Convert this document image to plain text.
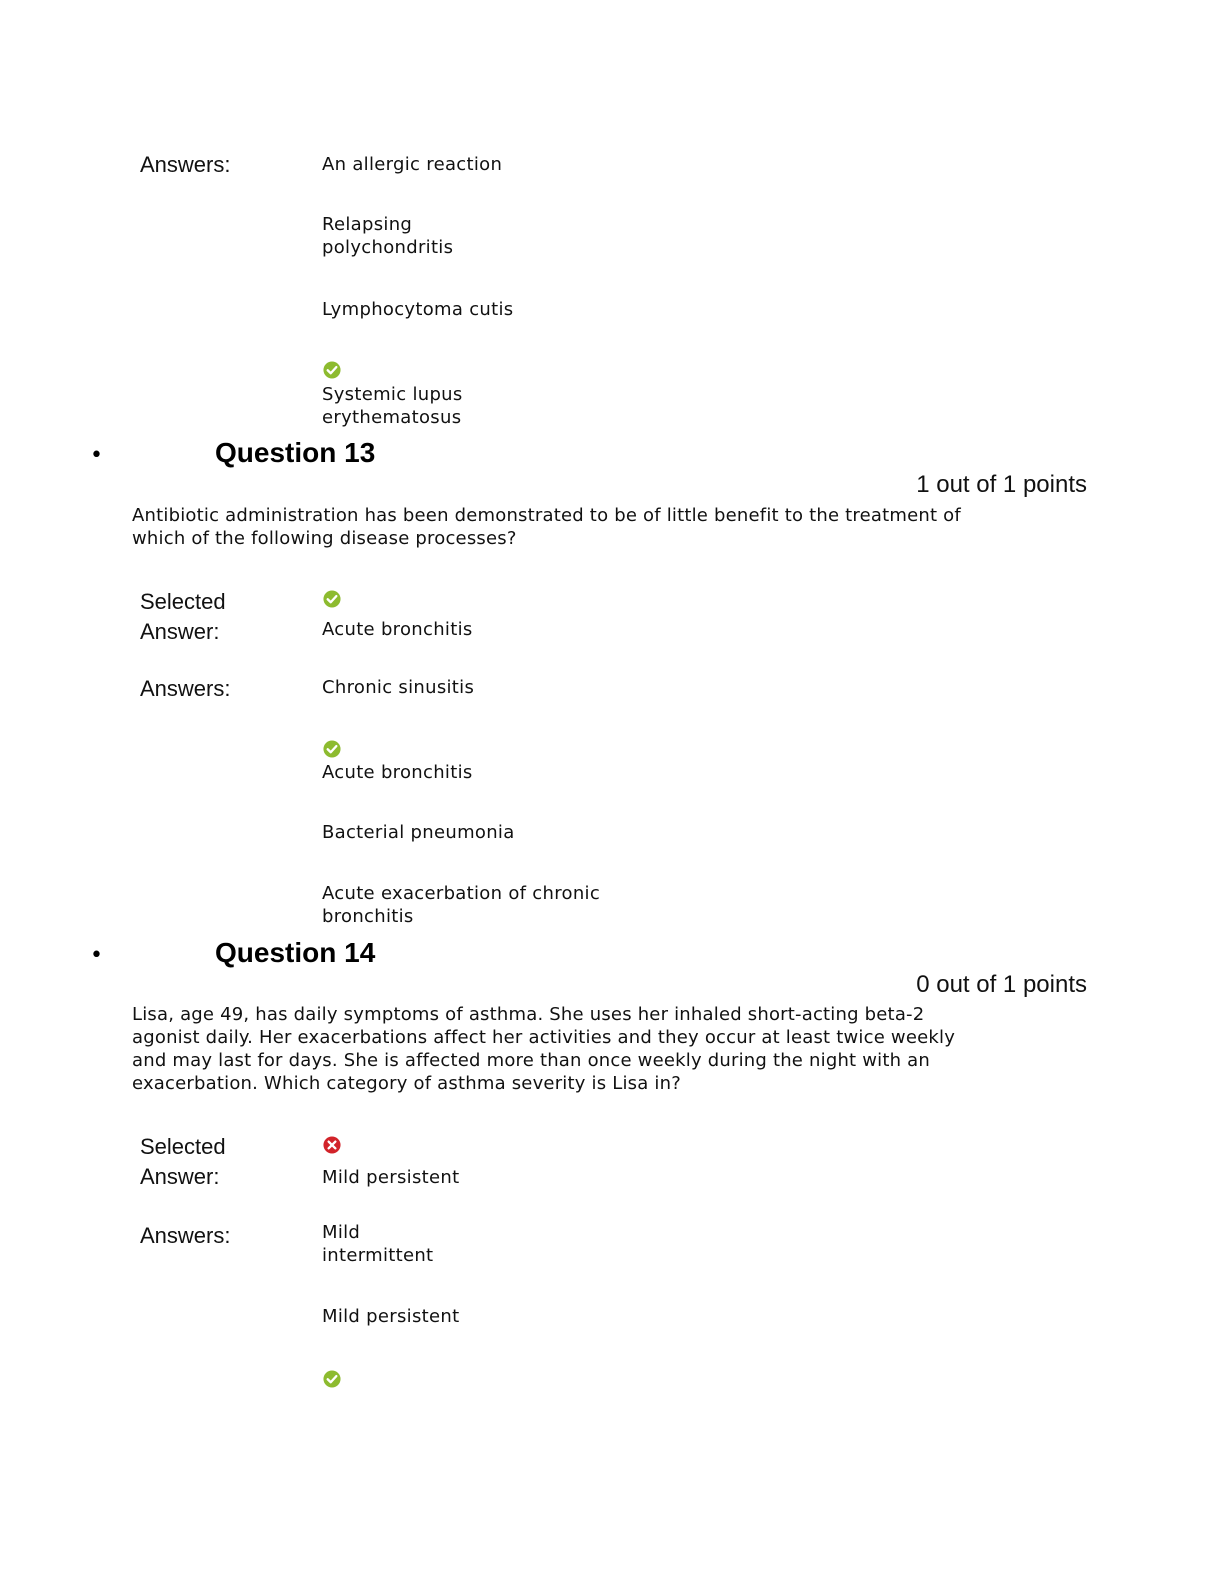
Answers:	An allergic reaction
Relapsing
polychondritis
Lymphocytoma cutis
Systemic lupus
erythematosus
•	Question 13
1 out of 1 points
Antibiotic administration has been demonstrated to be of little benefit to the treatment of
which of the following disease processes?
Selected
Answer:	Acute bronchitis
Answers:	Chronic sinusitis
Acute bronchitis
Bacterial pneumonia
Acute exacerbation of chronic
bronchitis
•	Question 14
0 out of 1 points
Lisa, age 49, has daily symptoms of asthma. She uses her inhaled short-acting beta-2
agonist daily. Her exacerbations affect her activities and they occur at least twice weekly
and may last for days. She is affected more than once weekly during the night with an
exacerbation. Which category of asthma severity is Lisa in?
Selected
Answer:	Mild persistent
Answers:	Mild
intermittent
Mild persistent
